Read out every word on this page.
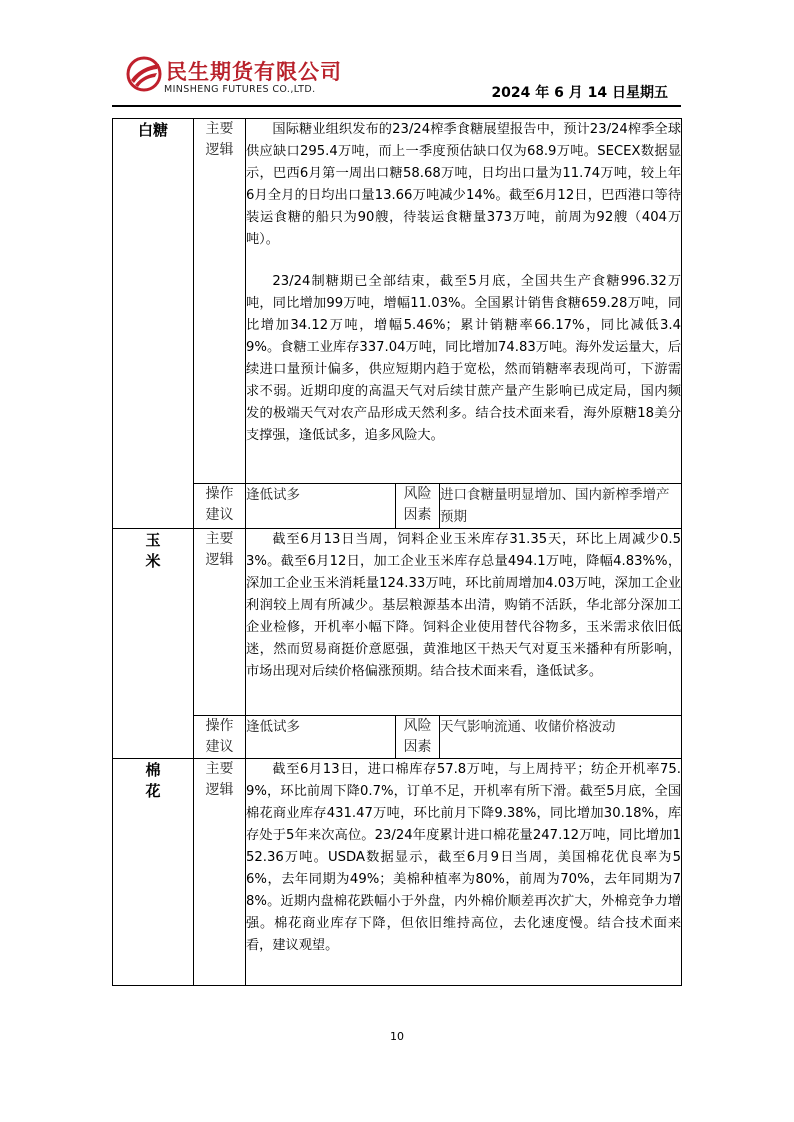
民生期货有限公司
MINSHENG FUTURES CO.,LTD.	2024 年 6 月 14 日星期五
白糖	主要逻辑	国际糖业组织发布的23/24榨季食糖展望报告中，预计23/24榨季全球供应缺口295.4万吨，而上一季度预估缺口仅为68.9万吨。SECEX数据显示，巴西6月第一周出口糖58.68万吨，日均出口量为11.74万吨，较上年6月全月的日均出口量13.66万吨减少14%。截至6月12日，巴西港口等待装运食糖的船只为90艘，待装运食糖量373万吨，前周为92艘（404万吨）。

23/24制糖期已全部结束，截至5月底，全国共生产食糖996.32万吨，同比增加99万吨，增幅11.03%。全国累计销售食糖659.28万吨，同比增加34.12万吨，增幅5.46%；累计销糖率66.17%，同比减低3.49%。食糖工业库存337.04万吨，同比增加74.83万吨。海外发运量大，后续进口量预计偏多，供应短期内趋于宽松，然而销糖率表现尚可，下游需求不弱。近期印度的高温天气对后续甘蔗产量产生影响已成定局，国内频发的极端天气对农产品形成天然利多。结合技术面来看，海外原糖18美分支撑强，逢低试多，追多风险大。		

	操作建议	逢低试多	风险因素	进口食糖量明显增加、国内新榨季增产预期
玉米	主要逻辑	截至6月13日当周，饲料企业玉米库存31.35天，环比上周减少0.53%。截至6月12日，加工企业玉米库存总量494.1万吨，降幅4.83%%，深加工企业玉米消耗量124.33万吨，环比前周增加4.03万吨，深加工企业利润较上周有所减少。基层粮源基本出清，购销不活跃，华北部分深加工企业检修，开机率小幅下降。饲料企业使用替代谷物多，玉米需求依旧低迷，然而贸易商挺价意愿强，黄淮地区干热天气对夏玉米播种有所影响，市场出现对后续价格偏涨预期。结合技术面来看，逢低试多。		

	操作建议	逢低试多	风险因素	天气影响流通、收储价格波动
棉花	主要逻辑	截至6月13日，进口棉库存57.8万吨，与上周持平；纺企开机率75.9%，环比前周下降0.7%，订单不足，开机率有所下滑。截至5月底，全国棉花商业库存431.47万吨，环比前月下降9.38%，同比增加30.18%，库存处于5年来次高位。23/24年度累计进口棉花量247.12万吨，同比增加152.36万吨。USDA数据显示，截至6月9日当周，美国棉花优良率为56%，去年同期为49%；美棉种植率为80%，前周为70%，去年同期为78%。近期内盘棉花跌幅小于外盘，内外棉价顺差再次扩大，外棉竞争力增强。棉花商业库存下降，但依旧维持高位，去化速度慢。结合技术面来看，建议观望。		

10
